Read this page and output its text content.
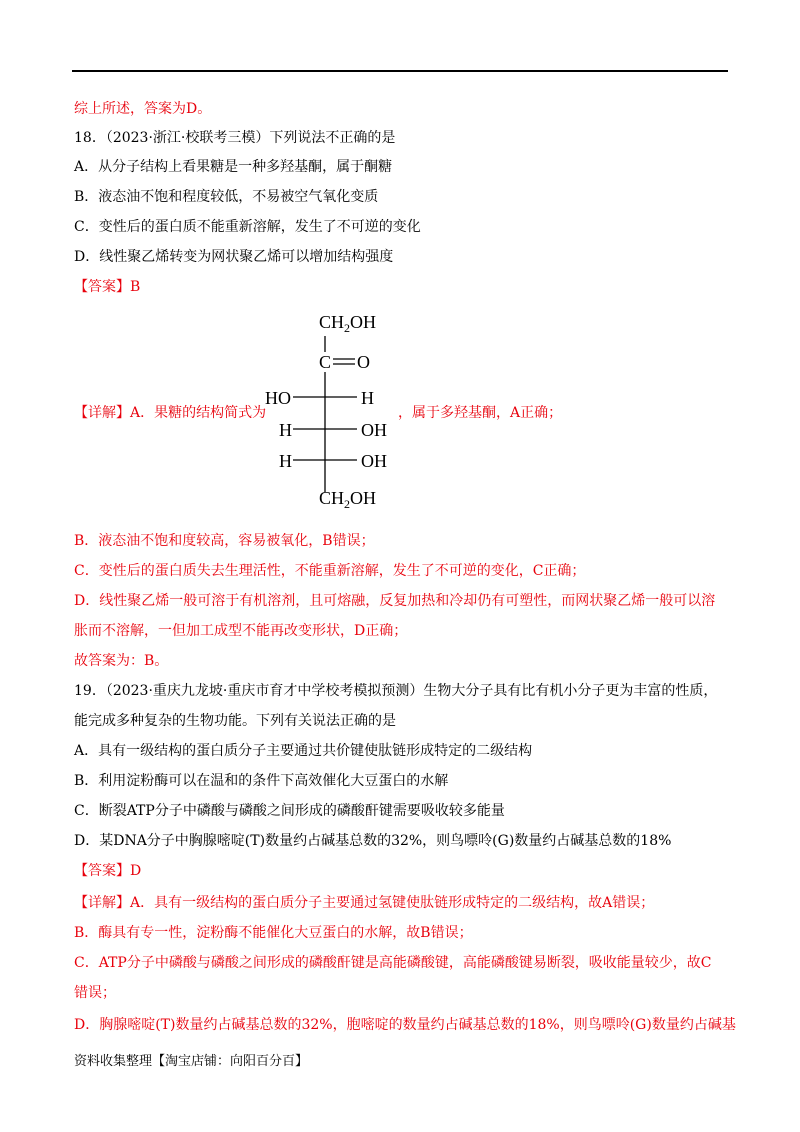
综上所述，答案为D。
18．（2023·浙江·校联考三模）下列说法不正确的是
A．从分子结构上看果糖是一种多羟基酮，属于酮糖
B．液态油不饱和程度较低，不易被空气氧化变质
C．变性后的蛋白质不能重新溶解，发生了不可逆的变化
D．线性聚乙烯转变为网状聚乙烯可以增加结构强度
【答案】B
【详解】A．果糖的结构简式为
B．液态油不饱和度较高，容易被氧化，B错误；
C．变性后的蛋白质失去生理活性，不能重新溶解，发生了不可逆的变化，C正确；
D．线性聚乙烯一般可溶于有机溶剂，且可熔融，反复加热和冷却仍有可塑性，而网状聚乙烯一般可以溶
胀而不溶解，一但加工成型不能再改变形状，D正确；
故答案为：B。
19．（2023·重庆九龙坡·重庆市育才中学校考模拟预测）生物大分子具有比有机小分子更为丰富的性质，
能完成多种复杂的生物功能。下列有关说法正确的是
A．具有一级结构的蛋白质分子主要通过共价键使肽链形成特定的二级结构
B．利用淀粉酶可以在温和的条件下高效催化大豆蛋白的水解
C．断裂ATP分子中磷酸与磷酸之间形成的磷酸酐键需要吸收较多能量
D．某DNA分子中胸腺嘧啶(T)数量约占碱基总数的32%，则鸟嘌呤(G)数量约占碱基总数的18%
【答案】D
【详解】A．具有一级结构的蛋白质分子主要通过氢键使肽链形成特定的二级结构，故A错误；
B．酶具有专一性，淀粉酶不能催化大豆蛋白的水解，故B错误；
C．ATP分子中磷酸与磷酸之间形成的磷酸酐键是高能磷酸键，高能磷酸键易断裂，吸收能量较少，故C
错误；
D．胸腺嘧啶(T)数量约占碱基总数的32%，胞嘧啶的数量约占碱基总数的18%，则鸟嘌呤(G)数量约占碱基
，属于多羟基酮，A正确；
$CH_2OH$
C O
HO	H
H	OH
H	OH
$CH_2OH$
资料收集整理【淘宝店铺：向阳百分百】
